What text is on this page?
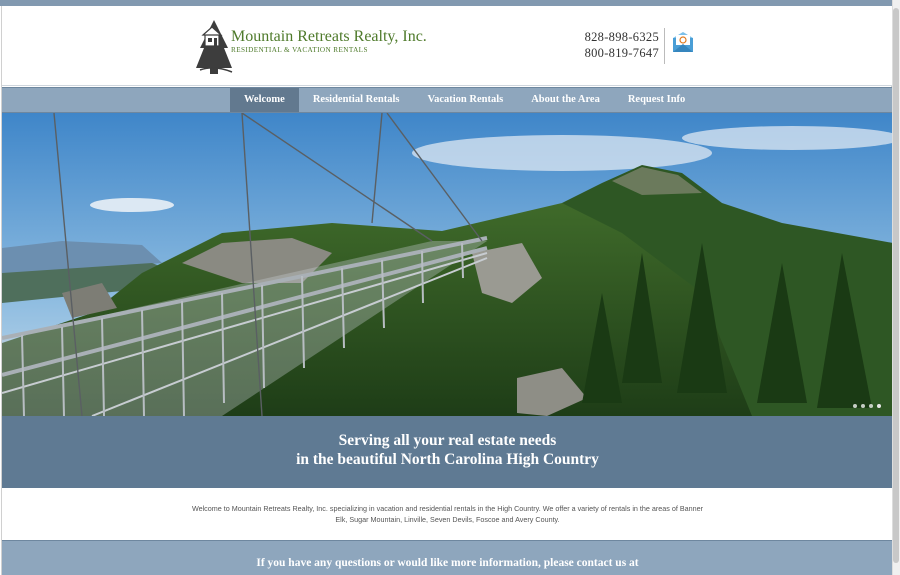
Mountain Retreats Realty, Inc.
RESIDENTIAL & VACATION RENTALS
828-898-6325
800-819-7647
Welcome	Residential Rentals	Vacation Rentals	About the Area	Request Info
Serving all your real estate needs
in the beautiful North Carolina High Country

Welcome to Mountain Retreats Realty, Inc. specializing in vacation and residential rentals in the High Country. We offer a variety of rentals in the areas of Banner Elk, Sugar Mountain, Linville, Seven Devils, Foscoe and Avery County.

If you have any questions or would like more information, please contact us at
